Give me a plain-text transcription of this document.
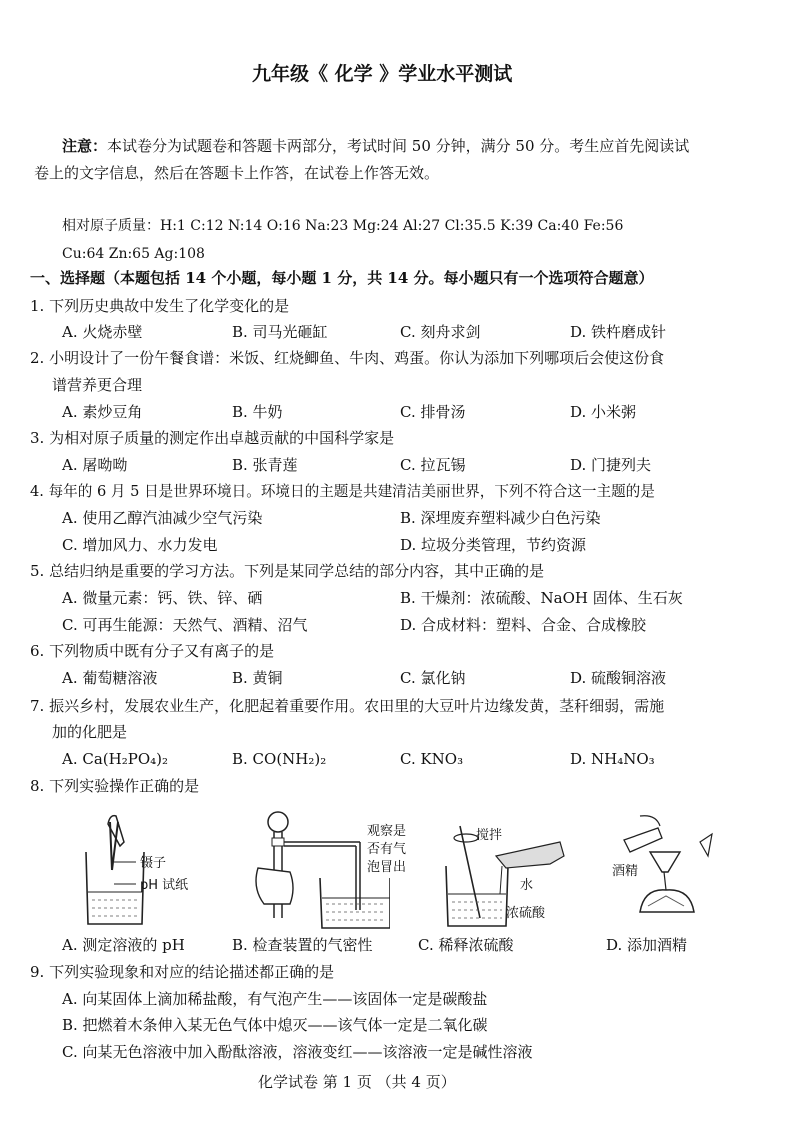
九年级《 化学 》学业水平测试
注意：本试卷分为试题卷和答题卡两部分，考试时间 50 分钟，满分 50 分。考生应首先阅读试
卷上的文字信息，然后在答题卡上作答，在试卷上作答无效。
相对原子质量：H:1 C:12 N:14 O:16 Na:23 Mg:24 Al:27 Cl:35.5 K:39 Ca:40 Fe:56
Cu:64 Zn:65 Ag:108
一、选择题（本题包括 14 个小题，每小题 1 分，共 14 分。每小题只有一个选项符合题意）
1. 下列历史典故中发生了化学变化的是
A. 火烧赤壁	B. 司马光砸缸	C. 刻舟求剑	D. 铁杵磨成针
2. 小明设计了一份午餐食谱：米饭、红烧鲫鱼、牛肉、鸡蛋。你认为添加下列哪项后会使这份食
谱营养更合理
A. 素炒豆角	B. 牛奶	C. 排骨汤	D. 小米粥
3. 为相对原子质量的测定作出卓越贡献的中国科学家是
A. 屠呦呦	B. 张青莲	C. 拉瓦锡	D. 门捷列夫
4. 每年的 6 月 5 日是世界环境日。环境日的主题是共建清洁美丽世界，下列不符合这一主题的是
A. 使用乙醇汽油减少空气污染	B. 深埋废弃塑料减少白色污染
C. 增加风力、水力发电	D. 垃圾分类管理，节约资源
5. 总结归纳是重要的学习方法。下列是某同学总结的部分内容，其中正确的是
A. 微量元素：钙、铁、锌、硒	B. 干燥剂：浓硫酸、NaOH 固体、生石灰
C. 可再生能源：天然气、酒精、沼气	D. 合成材料：塑料、合金、合成橡胶
6. 下列物质中既有分子又有离子的是
A. 葡萄糖溶液	B. 黄铜	C. 氯化钠	D. 硫酸铜溶液
7. 振兴乡村，发展农业生产，化肥起着重要作用。农田里的大豆叶片边缘发黄，茎秆细弱，需施
加的化肥是
A. Ca(H₂PO₄)₂	B. CO(NH₂)₂	C. KNO₃	D. NH₄NO₃
8. 下列实验操作正确的是
镊子
pH 试纸
观察是
否有气
泡冒出
搅拌
水
浓硫酸
酒精
A. 测定溶液的 pH	B. 检查装置的气密性	C. 稀释浓硫酸	D. 添加酒精
9. 下列实验现象和对应的结论描述都正确的是
A. 向某固体上滴加稀盐酸，有气泡产生——该固体一定是碳酸盐
B. 把燃着木条伸入某无色气体中熄灭——该气体一定是二氧化碳
C. 向某无色溶液中加入酚酞溶液，溶液变红——该溶液一定是碱性溶液
化学试卷 第 1 页 （共 4 页）
